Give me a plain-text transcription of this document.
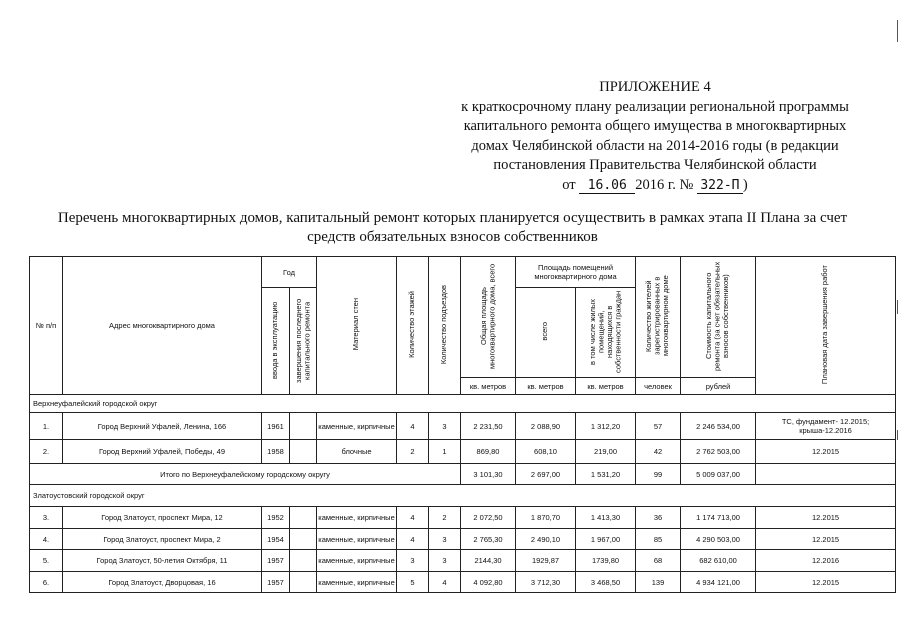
ПРИЛОЖЕНИЕ 4
к краткосрочному плану реализации региональной программы
капитального ремонта общего имущества в многоквартирных
домах Челябинской области на 2014-2016 годы (в редакции
постановления Правительства Челябинской области
от 16.06 2016 г. № 322-П )
Перечень многоквартирных домов, капитальный ремонт которых планируется осуществить в рамках этапа II Плана за счет
средств обязательных взносов собственников
№ п/п	Адрес многоквартирного дома	Год		Материал стен	Количество этажей	Количество подъездов	Общая площадь многоквартирного дома, всего	Площадь помещений многоквартирного дома		Количество жителей зарегистрированных в многоквартирном доме	Стоимость капитального ремонта (за счет обязательных взносов собственников)	Плановая дата завершения работ
		ввода в эксплуатацию	завершения последнего капитального ремонта					всего	в том числе жилых помещений, находящихся в собственности граждан			
							кв. метров	кв. метров	кв. метров	человек	рублей	
Верхнеуфалейский городской округ												
1.	Город Верхний Уфалей, Ленина, 166	1961		каменные, кирпичные	4	3	2 231,50	2 088,90	1 312,20	57	2 246 534,00	ТС, фундамент- 12.2015; крыша-12.2016
2.	Город Верхний Уфалей, Победы, 49	1958		блочные	2	1	869,80	608,10	219,00	42	2 762 503,00	12.2015
Итого по Верхнеуфалейскому городскому округу							3 101,30	2 697,00	1 531,20	99	5 009 037,00	
Златоустовский городской округ												
3.	Город Златоуст, проспект Мира, 12	1952		каменные, кирпичные	4	2	2 072,50	1 870,70	1 413,30	36	1 174 713,00	12.2015
4.	Город Златоуст, проспект Мира, 2	1954		каменные, кирпичные	4	3	2 765,30	2 490,10	1 967,00	85	4 290 503,00	12.2015
5.	Город Златоуст, 50-летия Октября, 11	1957		каменные, кирпичные	3	3	2144,30	1929,87	1739,80	68	682 610,00	12.2016
6.	Город Златоуст, Дворцовая, 16	1957		каменные, кирпичные	5	4	4 092,80	3 712,30	3 468,50	139	4 934 121,00	12.2015
